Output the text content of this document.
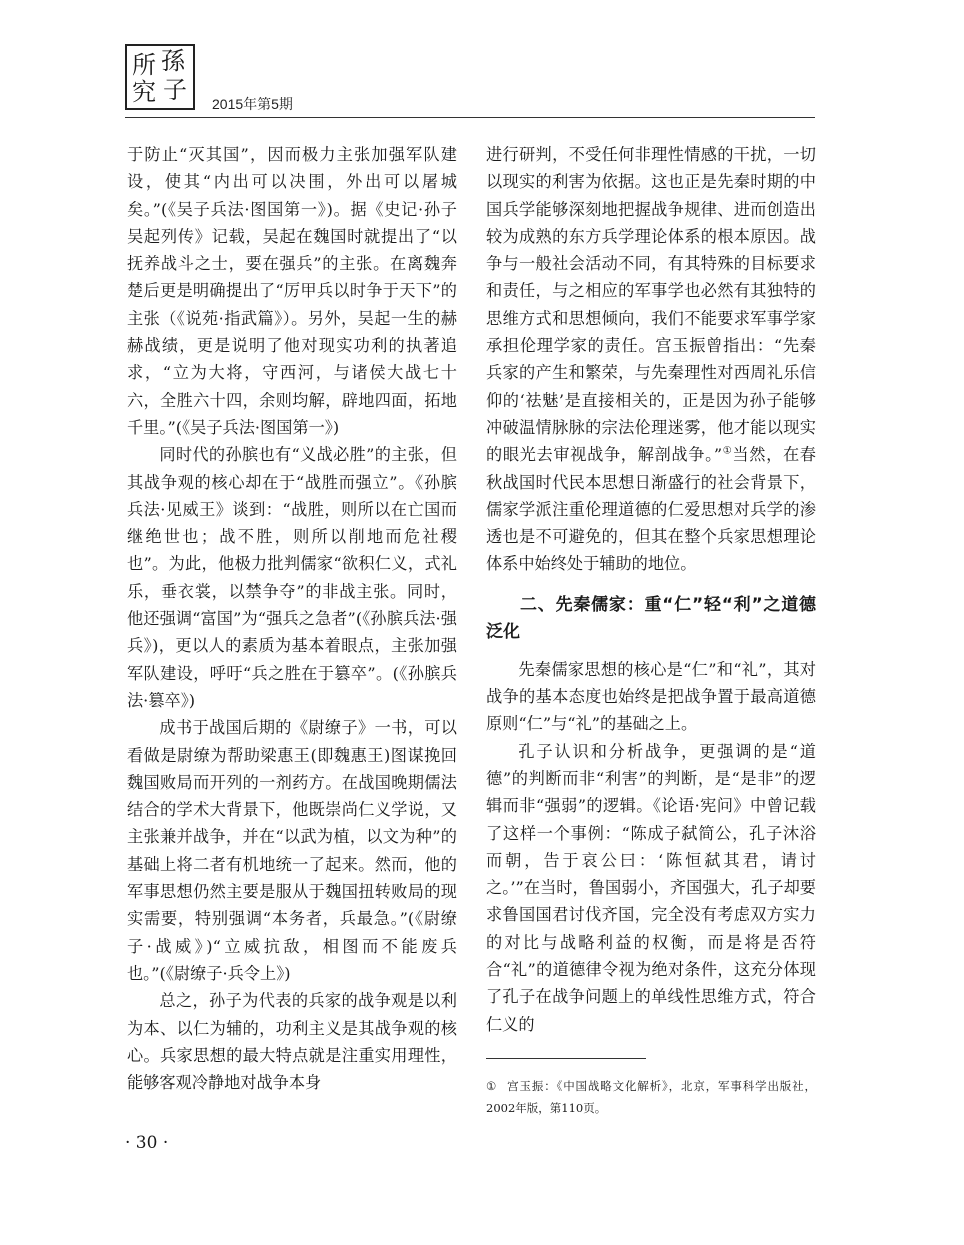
所 孫
究 子 2015年第5期

于防止“灭其国”，因而极力主张加强军队建设，使其“内出可以决围，外出可以屠城矣。”(《吴子兵法·图国第一》)。据《史记·孙子吴起列传》记载，吴起在魏国时就提出了“以抚养战斗之士，要在强兵”的主张。在离魏奔楚后更是明确提出了“厉甲兵以时争于天下”的主张（《说苑·指武篇》）。另外，吴起一生的赫赫战绩，更是说明了他对现实功利的执著追求，“立为大将，守西河，与诸侯大战七十六，全胜六十四，余则均解，辟地四面，拓地千里。”(《吴子兵法·图国第一》)

同时代的孙膑也有“义战必胜”的主张，但其战争观的核心却在于“战胜而强立”。《孙膑兵法·见威王》谈到：“战胜，则所以在亡国而继绝世也；战不胜，则所以削地而危社稷也”。为此，他极力批判儒家“欲积仁义，式礼乐，垂衣裳，以禁争夺”的非战主张。同时，他还强调“富国”为“强兵之急者”(《孙膑兵法·强兵》)，更以人的素质为基本着眼点，主张加强军队建设，呼吁“兵之胜在于篡卒”。(《孙膑兵法·篡卒》)

成书于战国后期的《尉缭子》一书，可以看做是尉缭为帮助梁惠王(即魏惠王)图谋挽回魏国败局而开列的一剂药方。在战国晚期儒法结合的学术大背景下，他既崇尚仁义学说，又主张兼并战争，并在“以武为植，以文为种”的基础上将二者有机地统一了起来。然而，他的军事思想仍然主要是服从于魏国扭转败局的现实需要，特别强调“本务者，兵最急。”(《尉缭子·战威》)“立威抗敌，相图而不能废兵也。”(《尉缭子·兵令上》)

总之，孙子为代表的兵家的战争观是以利为本、以仁为辅的，功利主义是其战争观的核心。兵家思想的最大特点就是注重实用理性，能够客观冷静地对战争本身

进行研判，不受任何非理性情感的干扰，一切以现实的利害为依据。这也正是先秦时期的中国兵学能够深刻地把握战争规律、进而创造出较为成熟的东方兵学理论体系的根本原因。战争与一般社会活动不同，有其特殊的目标要求和责任，与之相应的军事学也必然有其独特的思维方式和思想倾向，我们不能要求军事学家承担伦理学家的责任。宫玉振曾指出：“先秦兵家的产生和繁荣，与先秦理性对西周礼乐信仰的‘祛魅’是直接相关的，正是因为孙子能够冲破温情脉脉的宗法伦理迷雾，他才能以现实的眼光去审视战争，解剖战争。”①当然，在春秋战国时代民本思想日渐盛行的社会背景下，儒家学派注重伦理道德的仁爱思想对兵学的渗透也是不可避免的，但其在整个兵家思想理论体系中始终处于辅助的地位。

二、先秦儒家：重“仁”轻“利”之道德泛化

先秦儒家思想的核心是“仁”和“礼”，其对战争的基本态度也始终是把战争置于最高道德原则“仁”与“礼”的基础之上。

孔子认识和分析战争，更强调的是“道德”的判断而非“利害”的判断，是“是非”的逻辑而非“强弱”的逻辑。《论语·宪问》中曾记载了这样一个事例：“陈成子弑简公，孔子沐浴而朝，告于哀公曰：‘陈恒弑其君，请讨之。’”在当时，鲁国弱小，齐国强大，孔子却要求鲁国国君讨伐齐国，完全没有考虑双方实力的对比与战略利益的权衡，而是将是否符合“礼”的道德律令视为绝对条件，这充分体现了孔子在战争问题上的单线性思维方式，符合仁义的

① 宫玉振：《中国战略文化解析》，北京，军事科学出版社，2002年版，第110页。
· 30 ·
